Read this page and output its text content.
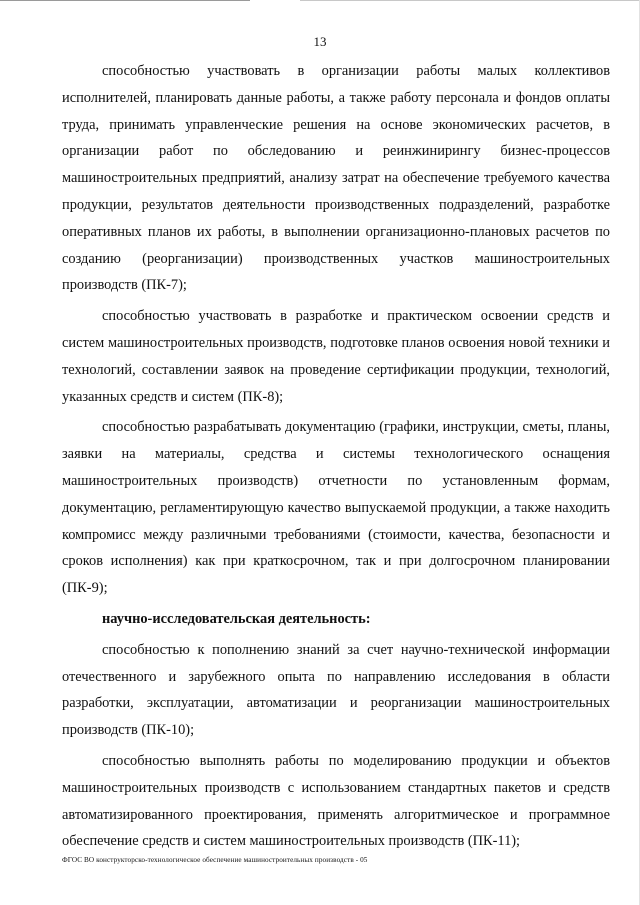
13

способностью участвовать в организации работы малых коллективов исполнителей, планировать данные работы, а также работу персонала и фондов оплаты труда, принимать управленческие решения на основе экономических расчетов, в организации работ по обследованию и реинжинирингу бизнес-процессов машиностроительных предприятий, анализу затрат на обеспечение требуемого качества продукции, результатов деятельности производственных подразделений, разработке оперативных планов их работы, в выполнении организационно-плановых расчетов по созданию (реорганизации) производственных участков машиностроительных производств (ПК-7);

способностью участвовать в разработке и практическом освоении средств и систем машиностроительных производств, подготовке планов освоения новой техники и технологий, составлении заявок на проведение сертификации продукции, технологий, указанных средств и систем (ПК-8);

способностью разрабатывать документацию (графики, инструкции, сметы, планы, заявки на материалы, средства и системы технологического оснащения машиностроительных производств) отчетности по установленным формам, документацию, регламентирующую качество выпускаемой продукции, а также находить компромисс между различными требованиями (стоимости, качества, безопасности и сроков исполнения) как при краткосрочном, так и при долгосрочном планировании (ПК-9);

научно-исследовательская деятельность:

способностью к пополнению знаний за счет научно-технической информации отечественного и зарубежного опыта по направлению исследования в области разработки, эксплуатации, автоматизации и реорганизации машиностроительных производств (ПК-10);

способностью выполнять работы по моделированию продукции и объектов машиностроительных производств с использованием стандартных пакетов и средств автоматизированного проектирования, применять алгоритмическое и программное обеспечение средств и систем машиностроительных производств (ПК-11);

ФГОС ВО конструкторско-технологическое обеспечение машиностроительных производств - 05
